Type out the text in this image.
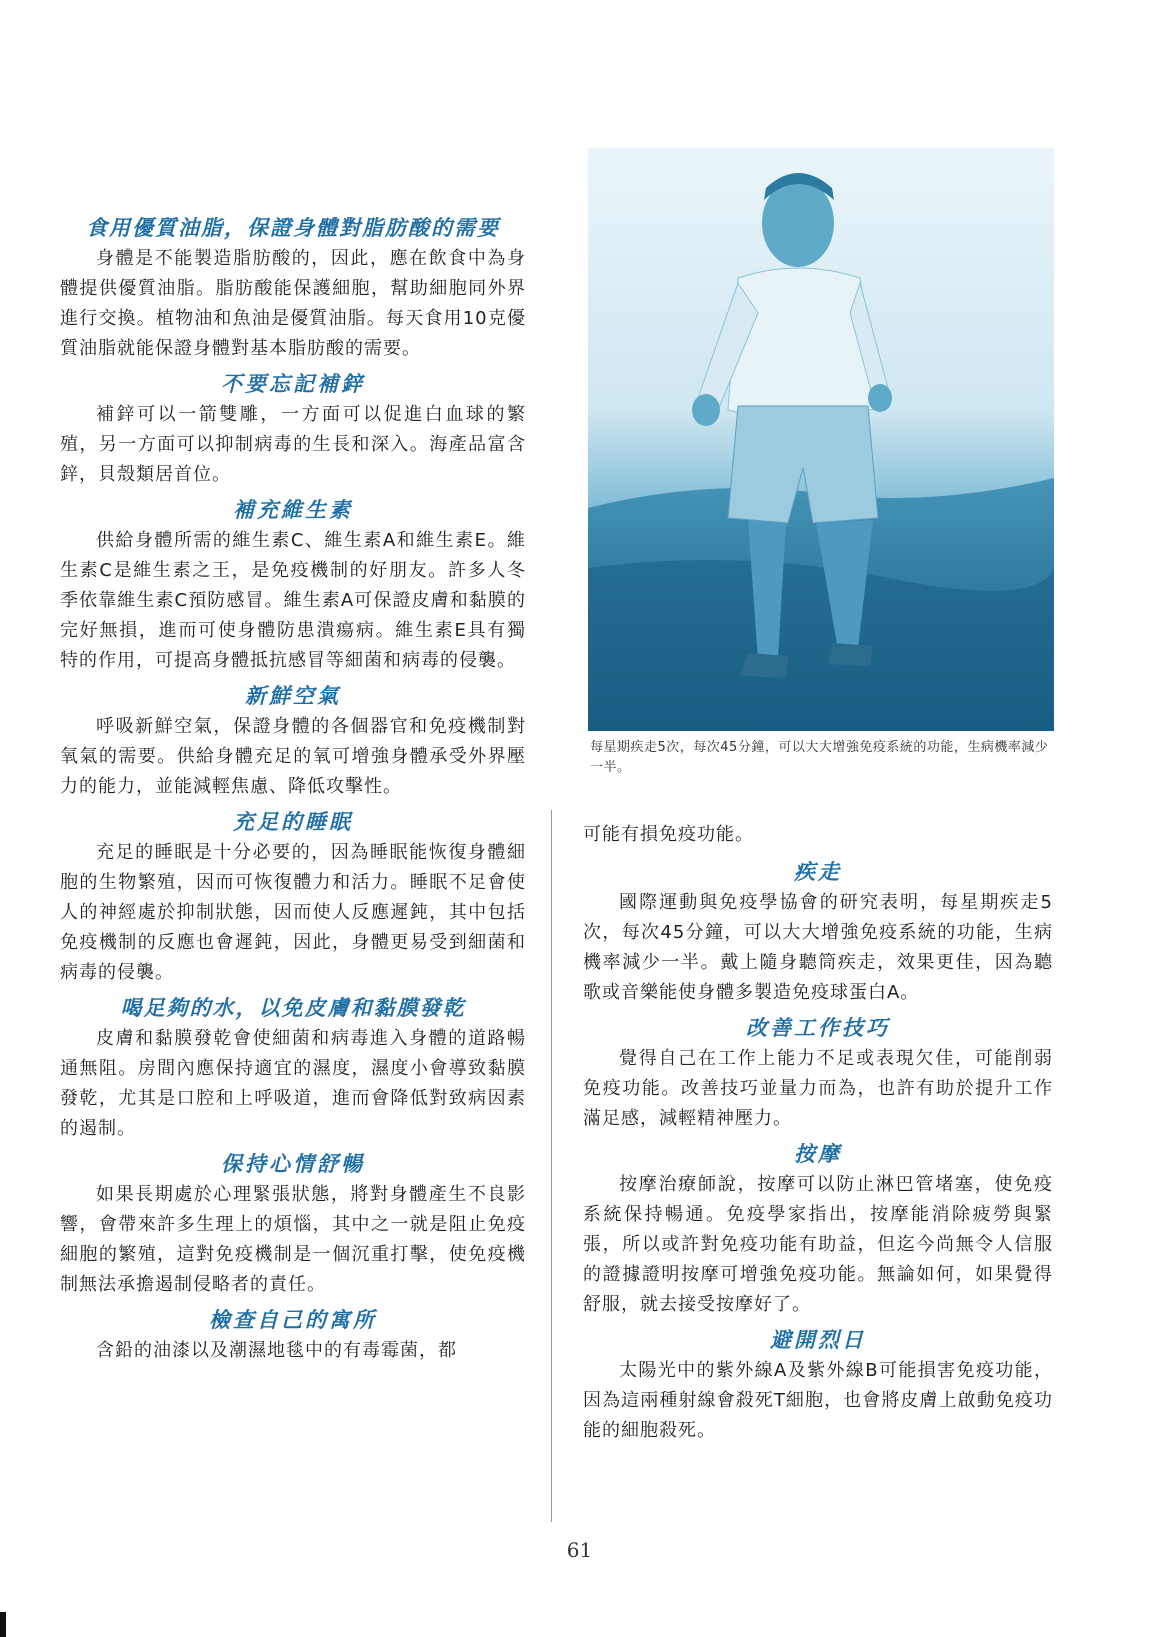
食用優質油脂，保證身體對脂肪酸的需要

身體是不能製造脂肪酸的，因此，應在飲食中為身體提供優質油脂。脂肪酸能保護細胞，幫助細胞同外界進行交換。植物油和魚油是優質油脂。每天食用10克優質油脂就能保證身體對基本脂肪酸的需要。

不要忘記補鋅

補鋅可以一箭雙雕，一方面可以促進白血球的繁殖，另一方面可以抑制病毒的生長和深入。海產品富含鋅，貝殼類居首位。

補充維生素

供給身體所需的維生素C、維生素A和維生素E。維生素C是維生素之王，是免疫機制的好朋友。許多人冬季依靠維生素C預防感冒。維生素A可保證皮膚和黏膜的完好無損，進而可使身體防患潰瘍病。維生素E具有獨特的作用，可提高身體抵抗感冒等細菌和病毒的侵襲。

新鮮空氣

呼吸新鮮空氣，保證身體的各個器官和免疫機制對氧氣的需要。供給身體充足的氧可增強身體承受外界壓力的能力，並能減輕焦慮、降低攻擊性。

充足的睡眠

充足的睡眠是十分必要的，因為睡眠能恢復身體細胞的生物繁殖，因而可恢復體力和活力。睡眠不足會使人的神經處於抑制狀態，因而使人反應遲鈍，其中包括免疫機制的反應也會遲鈍，因此，身體更易受到細菌和病毒的侵襲。

喝足夠的水，以免皮膚和黏膜發乾

皮膚和黏膜發乾會使細菌和病毒進入身體的道路暢通無阻。房間內應保持適宜的濕度，濕度小會導致黏膜發乾，尤其是口腔和上呼吸道，進而會降低對致病因素的遏制。

保持心情舒暢

如果長期處於心理緊張狀態，將對身體產生不良影響，會帶來許多生理上的煩惱，其中之一就是阻止免疫細胞的繁殖，這對免疫機制是一個沉重打擊，使免疫機制無法承擔遏制侵略者的責任。

檢查自己的寓所

含鉛的油漆以及潮濕地毯中的有毒霉菌，都

每星期疾走5次，每次45分鐘，可以大大增強免疫系統的功能，生病機率減少一半。

可能有損免疫功能。

疾走

國際運動與免疫學協會的研究表明，每星期疾走5次，每次45分鐘，可以大大增強免疫系統的功能，生病機率減少一半。戴上隨身聽筒疾走，效果更佳，因為聽歌或音樂能使身體多製造免疫球蛋白A。

改善工作技巧

覺得自己在工作上能力不足或表現欠佳，可能削弱免疫功能。改善技巧並量力而為，也許有助於提升工作滿足感，減輕精神壓力。

按摩

按摩治療師說，按摩可以防止淋巴管堵塞，使免疫系統保持暢通。免疫學家指出，按摩能消除疲勞與緊張，所以或許對免疫功能有助益，但迄今尚無令人信服的證據證明按摩可增強免疫功能。無論如何，如果覺得舒服，就去接受按摩好了。

避開烈日

太陽光中的紫外線A及紫外線B可能損害免疫功能，因為這兩種射線會殺死T細胞，也會將皮膚上啟動免疫功能的細胞殺死。

61
